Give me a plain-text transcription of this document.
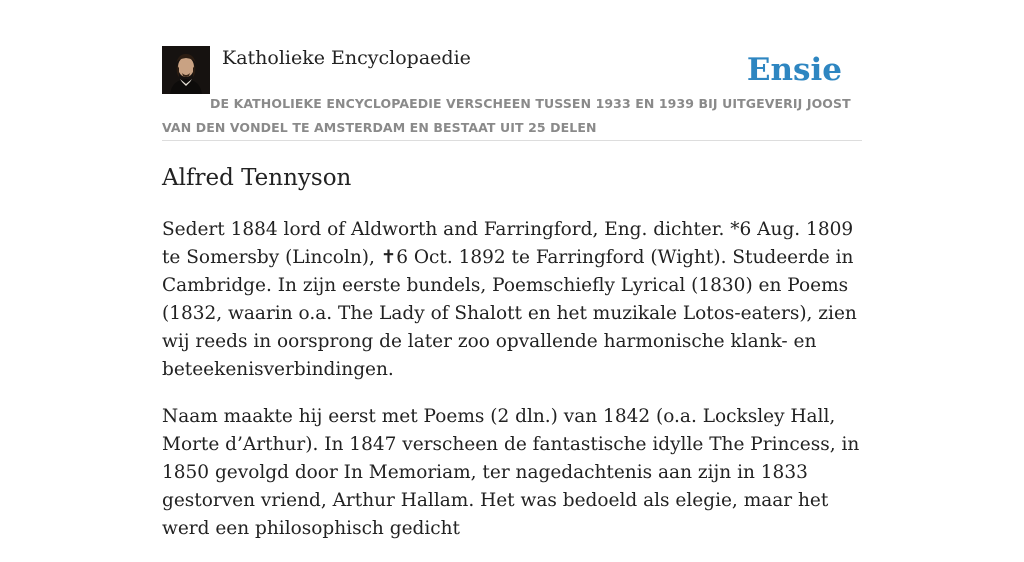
Katholieke Encyclopaedie	Ensie
DE KATHOLIEKE ENCYCLOPAEDIE VERSCHEEN TUSSEN 1933 EN 1939 BIJ UITGEVERIJ JOOST VAN DEN VONDEL TE AMSTERDAM EN BESTAAT UIT 25 DELEN
Alfred Tennyson

Sedert 1884 lord of Aldworth and Farringford, Eng. dichter. *6 Aug. 1809 te Somersby (Lincoln), ✝6 Oct. 1892 te Farringford (Wight). Studeerde in Cambridge. In zijn eerste bundels, Poemschiefly Lyrical (1830) en Poems (1832, waarin o.a. The Lady of Shalott en het muzikale Lotos-eaters), zien wij reeds in oorsprong de later zoo opvallende harmonische klank- en beteekenisverbindingen.

Naam maakte hij eerst met Poems (2 dln.) van 1842 (o.a. Locksley Hall, Morte d’Arthur). In 1847 verscheen de fantastische idylle The Princess, in 1850 gevolgd door In Memoriam, ter nagedachtenis aan zijn in 1833 gestorven vriend, Arthur Hallam. Het was bedoeld als elegie, maar het werd een philosophisch gedicht
